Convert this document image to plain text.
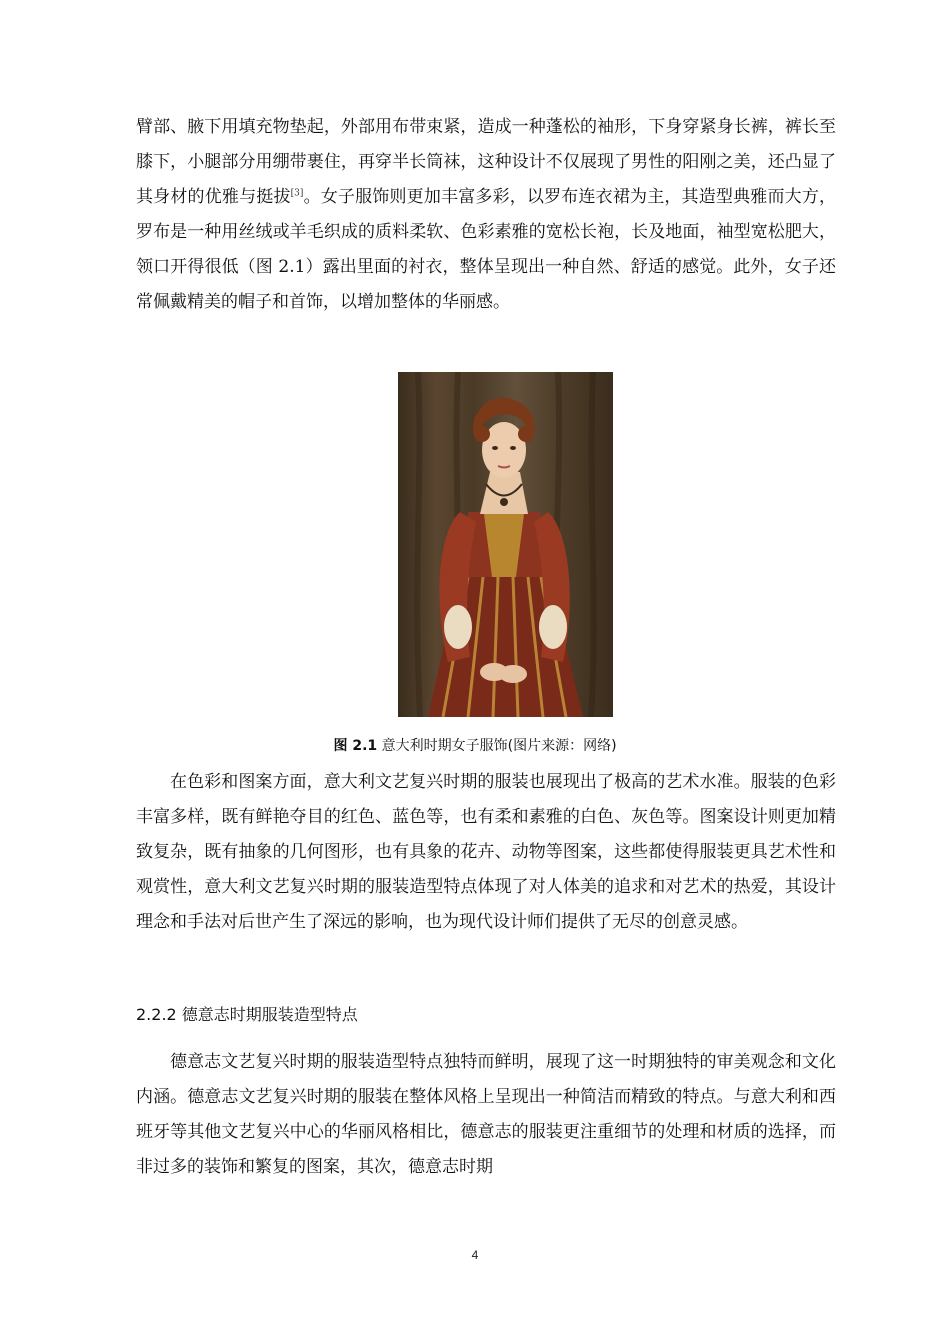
臂部、腋下用填充物垫起，外部用布带束紧，造成一种蓬松的袖形，下身穿紧身长裤，裤长至膝下，小腿部分用绷带裹住，再穿半长筒袜，这种设计不仅展现了男性的阳刚之美，还凸显了其身材的优雅与挺拔[3]。女子服饰则更加丰富多彩，以罗布连衣裙为主，其造型典雅而大方，罗布是一种用丝绒或羊毛织成的质料柔软、色彩素雅的宽松长袍，长及地面，袖型宽松肥大，领口开得很低（图 2.1）露出里面的衬衣，整体呈现出一种自然、舒适的感觉。此外，女子还常佩戴精美的帽子和首饰，以增加整体的华丽感。

图 2.1 意大利时期女子服饰(图片来源：网络)

在色彩和图案方面，意大利文艺复兴时期的服装也展现出了极高的艺术水准。服装的色彩丰富多样，既有鲜艳夺目的红色、蓝色等，也有柔和素雅的白色、灰色等。图案设计则更加精致复杂，既有抽象的几何图形，也有具象的花卉、动物等图案，这些都使得服装更具艺术性和观赏性，意大利文艺复兴时期的服装造型特点体现了对人体美的追求和对艺术的热爱，其设计理念和手法对后世产生了深远的影响，也为现代设计师们提供了无尽的创意灵感。

2.2.2 德意志时期服装造型特点

德意志文艺复兴时期的服装造型特点独特而鲜明，展现了这一时期独特的审美观念和文化内涵。德意志文艺复兴时期的服装在整体风格上呈现出一种简洁而精致的特点。与意大利和西班牙等其他文艺复兴中心的华丽风格相比，德意志的服装更注重细节的处理和材质的选择，而非过多的装饰和繁复的图案，其次，德意志时期

4
